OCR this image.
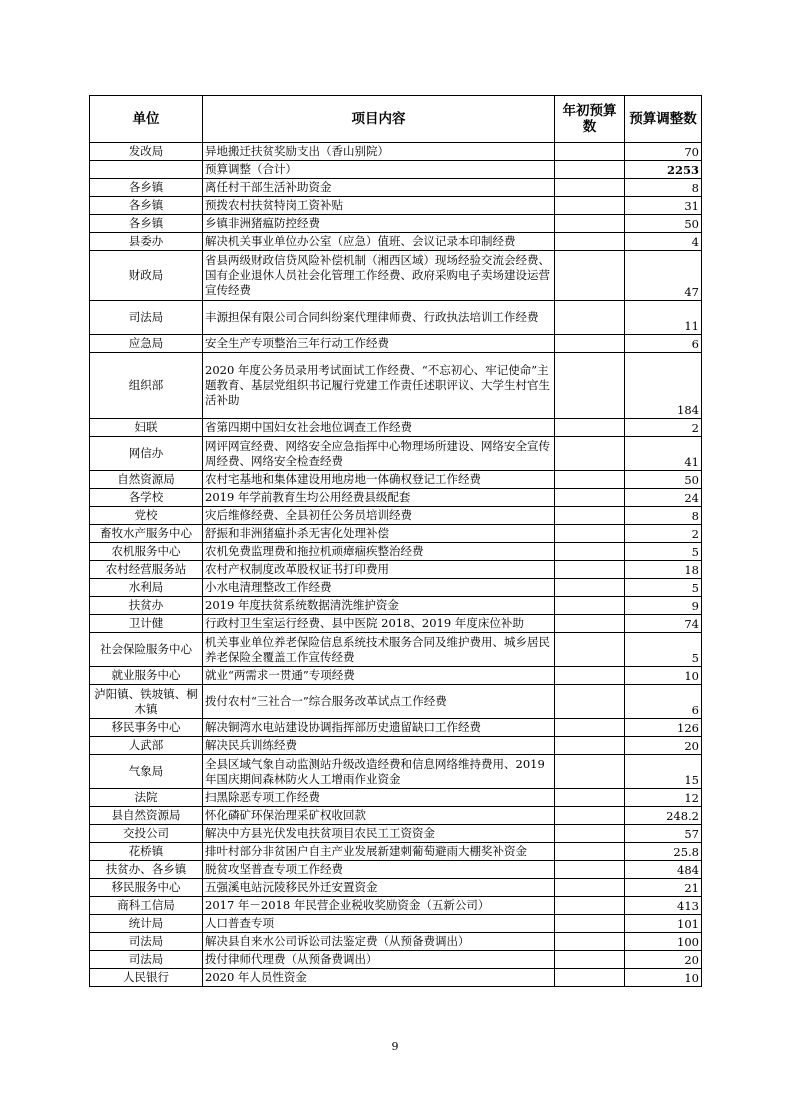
单位	项目内容	年初预算数	预算调整数
发改局	异地搬迁扶贫奖励支出（香山别院）		70
	预算调整（合计）		2253
各乡镇	离任村干部生活补助资金		8
各乡镇	预拨农村扶贫特岗工资补贴		31
各乡镇	乡镇非洲猪瘟防控经费		50
县委办	解决机关事业单位办公室（应急）值班、会议记录本印制经费		4
财政局	省县两级财政信贷风险补偿机制（湘西区域）现场经验交流会经费、国有企业退休人员社会化管理工作经费、政府采购电子卖场建设运营宣传经费		47
司法局	丰源担保有限公司合同纠纷案代理律师费、行政执法培训工作经费		11
应急局	安全生产专项整治三年行动工作经费		6
组织部	2020 年度公务员录用考试面试工作经费、“不忘初心、牢记使命”主题教育、基层党组织书记履行党建工作责任述职评议、大学生村官生活补助		184
妇联	省第四期中国妇女社会地位调查工作经费		2
网信办	网评网宣经费、网络安全应急指挥中心物理场所建设、网络安全宣传周经费、网络安全检查经费		41
自然资源局	农村宅基地和集体建设用地房地一体确权登记工作经费		50
各学校	2019 年学前教育生均公用经费县级配套		24
党校	灾后维修经费、全县初任公务员培训经费		8
畜牧水产服务中心	舒振和非洲猪瘟扑杀无害化处理补偿		2
农机服务中心	农机免费监理费和拖拉机顽瘴痼疾整治经费		5
农村经营服务站	农村产权制度改革股权证书打印费用		18
水利局	小水电清理整改工作经费		5
扶贫办	2019 年度扶贫系统数据清洗维护资金		9
卫计健	行政村卫生室运行经费、县中医院 2018、2019 年度床位补助		74
社会保险服务中心	机关事业单位养老保险信息系统技术服务合同及维护费用、城乡居民养老保险全覆盖工作宣传经费		5
就业服务中心	就业“两需求一贯通”专项经费		10
泸阳镇、铁坡镇、桐木镇	拨付农村“三社合一”综合服务改革试点工作经费		6
移民事务中心	解决铜湾水电站建设协调指挥部历史遗留缺口工作经费		126
人武部	解决民兵训练经费		20
气象局	全县区域气象自动监测站升级改造经费和信息网络维持费用、2019 年国庆期间森林防火人工增雨作业资金		15
法院	扫黑除恶专项工作经费		12
县自然资源局	怀化磷矿环保治理采矿权收回款		248.2
交投公司	解决中方县光伏发电扶贫项目农民工工资资金		57
花桥镇	排叶村部分非贫困户自主产业发展新建刺葡萄避雨大棚奖补资金		25.8
扶贫办、各乡镇	脱贫攻坚普查专项工作经费		484
移民服务中心	五强溪电站沅陵移民外迁安置资金		21
商科工信局	2017 年－2018 年民营企业税收奖励资金（五新公司）		413
统计局	人口普查专项		101
司法局	解决县自来水公司诉讼司法鉴定费（从预备费调出）		100
司法局	拨付律师代理费（从预备费调出）		20
人民银行	2020 年人员性资金		10
9
